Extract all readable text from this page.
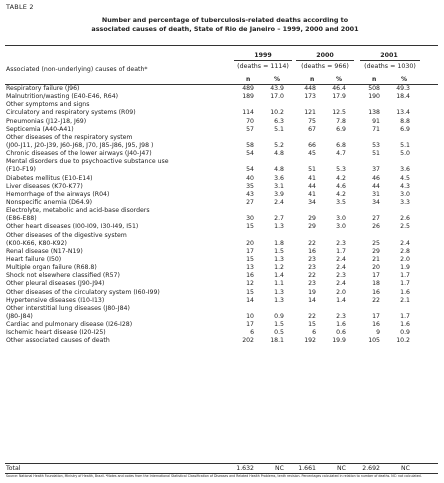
TABLE 2
Number and percentage of tuberculosis-related deaths according to
associated causes of death, State of Rio de Janeiro – 1999, 2000 and 2001
1999	2000	2001
(deaths = 1114)	(deaths = 966)	(deaths = 1030)
Associated (non-underlying) causes of death*
n	%	n	%	n	%
Respiratory failure (J96)	489	43.9	448	46.4	508	49.3
Malnutrition/wasting (E40-E46, R64)	189	17.0	173	17.9	190	18.4
Other symptoms and signs
Circulatory and respiratory systems (R09)	114	10.2	121	12.5	138	13.4
Pneumonias (J12-J18, J69)	70	6.3	75	7.8	91	8.8
Septicemia (A40-A41)	57	5.1	67	6.9	71	6.9
Other diseases of the respiratory system
(J00-J11, J20-J39, J60-J68, J70, J85-J86, J95, J98 )	58	5.2	66	6.8	53	5.1
Chronic diseases of the lower airways (J40-J47)	54	4.8	45	4.7	51	5.0
Mental disorders due to psychoactive substance use
(F10-F19)	54	4.8	51	5.3	37	3.6
Diabetes mellitus (E10-E14)	40	3.6	41	4.2	46	4.5
Liver diseases (K70-K77)	35	3.1	44	4.6	44	4.3
Hemorrhage of the airways (R04)	43	3.9	41	4.2	31	3.0
Nonspecific anemia (D64.9)	27	2.4	34	3.5	34	3.3
Electrolyte, metabolic and acid-base disorders
(E86-E88)	30	2.7	29	3.0	27	2.6
Other heart diseases (I00-I09, I30-I49, I51)	15	1.3	29	3.0	26	2.5
Other diseases of the digestive system
(K00-K66, K80-K92)	20	1.8	22	2.3	25	2.4
Renal disease (N17-N19)	17	1.5	16	1.7	29	2.8
Heart failure (I50)	15	1.3	23	2.4	21	2.0
Multiple organ failure (R68.8)	13	1.2	23	2.4	20	1.9
Shock not elsewhere classified (R57)	16	1.4	22	2.3	17	1.7
Other pleural diseases (J90-J94)	12	1.1	23	2.4	18	1.7
Other diseases of the circulatory system (I60-I99)	15	1.3	19	2.0	16	1.6
Hypertensive diseases (I10-I13)	14	1.3	14	1.4	22	2.1
Other interstitial lung diseases (J80-J84)
(J80-J84)	10	0.9	22	2.3	17	1.7
Cardiac and pulmonary disease (I26-I28)	17	1.5	15	1.6	16	1.6
Ischemic heart disease (I20-I25)	6	0.5	6	0.6	9	0.9
Other associated causes of death	202	18.1	192	19.9	105	10.2
Total	1.632	NC	1.661	NC	2.692	NC
Source: National Health Foundation, Ministry of Health, Brazil. *Notes and codes from the International Statistical Classification of Diseases and Related Health Problems, tenth revision. Percentages calculated in relation to number of deaths. NC: not calculated.
